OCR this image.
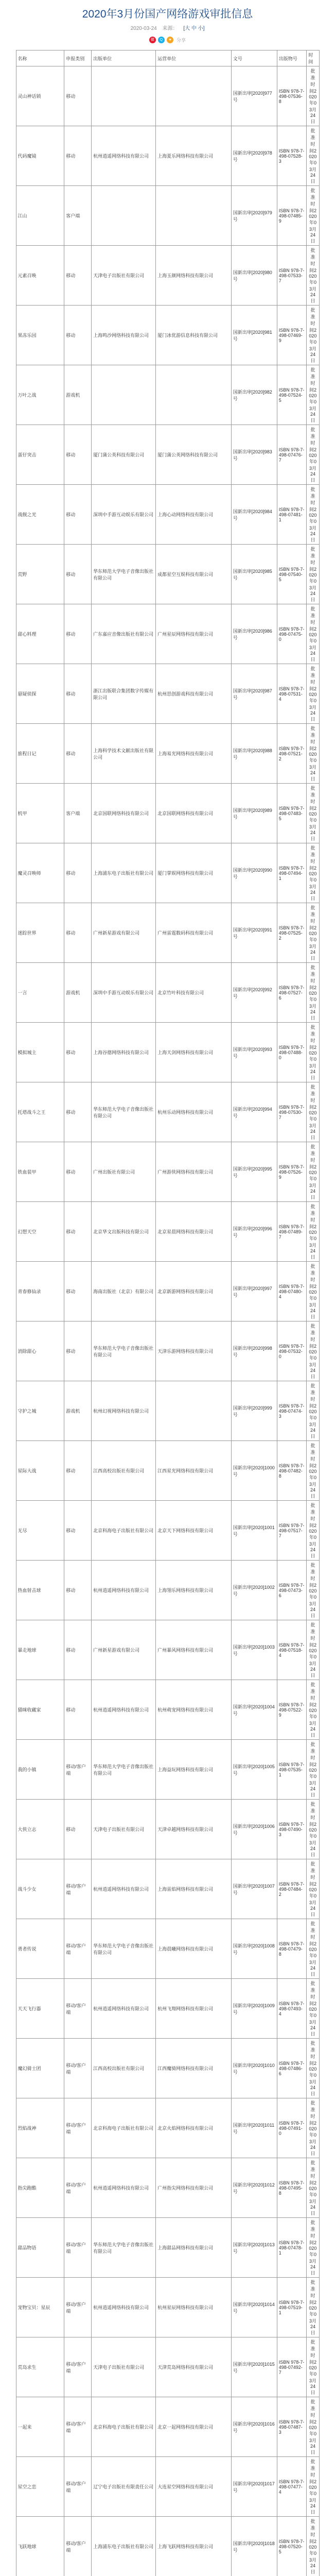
2020年3月份国产网络游戏审批信息
2020-03-24 来源： [大 中 小]
微	Q	★	分享
名称	申报类别	出版单位	运营单位	文号	出版物号	时间
灵山神话锁	移动			国新出审[2020]977号	ISBN 978-7-498-07536-8	批准时间2020年03月24日
代码魔镜	移动	杭州逍遥网络科技有限公司	上海夏乐网络科技有限公司	国新出审[2020]978号	ISBN 978-7-498-07528-3	批准时间2020年03月24日
江山	客户端			国新出审[2020]979号	ISBN 978-7-498-07485-9	批准时间2020年03月24日
元素召唤	移动	天津电子出版社有限公司	上海玉颜网络科技有限公司	国新出审[2020]980号	ISBN 978-7-498-07533-7	批准时间2020年03月24日
果冻乐园	移动	上海鸣沙网络科技有限公司	厦门冰优游信息科技有限公司	国新出审[2020]981号	ISBN 978-7-498-07469-9	批准时间2020年03月24日
万叶之战	游戏机			国新出审[2020]982号	ISBN 978-7-498-07524-5	批准时间2020年03月24日
蛋仔突击	移动	厦门蒲公英科技有限公司	厦门蒲公英网络科技有限公司	国新出审[2020]983号	ISBN 978-7-498-07476-7	批准时间2020年03月24日
战舰之光	移动	深圳中手游互动娱乐有限公司	上海心动网络科技有限公司	国新出审[2020]984号	ISBN 978-7-498-07481-1	批准时间2020年03月24日
荒野	移动	华东师范大学电子音像出版社有限公司	成都星空互娱科技有限公司	国新出审[2020]985号	ISBN 978-7-498-07540-5	批准时间2020年03月24日
甜心料理	移动	广东嘉应音像出版社有限公司	广州星辰网络科技有限公司	国新出审[2020]986号	ISBN 978-7-498-07475-0	批准时间2020年03月24日
悬疑侦探	移动	浙江出版联合集团数字传媒有限公司	杭州思创游戏科技有限公司	国新出审[2020]987号	ISBN 978-7-498-07531-4	批准时间2020年03月24日
旅程日记	移动	上海科学技术文献出版社有限公司	上海易光网络科技有限公司	国新出审[2020]988号	ISBN 978-7-498-07521-2	批准时间2020年03月24日
机甲	客户端	北京国联网络科技有限公司	北京国联网络科技有限公司	国新出审[2020]989号	ISBN 978-7-498-07483-5	批准时间2020年03月24日
魔灵召唤师	移动	上海浦东电子出版社有限公司	厦门掌娱网络科技有限公司	国新出审[2020]990号	ISBN 978-7-498-07494-1	批准时间2020年03月24日
迷踪世界	移动	广州新星游戏有限公司	广州雷霆数码科技有限公司	国新出审[2020]991号	ISBN 978-7-498-07525-2	批准时间2020年03月24日
一言	游戏机	深圳中手游互动娱乐有限公司	北京竹叶科技有限公司	国新出审[2020]992号	ISBN 978-7-498-07527-6	批准时间2020年03月24日
模拟城主	移动	上海谷德网络科技有限公司	上海天剑网络科技有限公司	国新出审[2020]993号	ISBN 978-7-498-07488-0	批准时间2020年03月24日
托塔战斗之王	移动	华东师范大学电子音像出版社有限公司	杭州乐动网络科技有限公司	国新出审[2020]994号	ISBN 978-7-498-07530-7	批准时间2020年03月24日
铁血装甲	移动	广州出版社有限公司	广州游侠网络科技有限公司	国新出审[2020]995号	ISBN 978-7-498-07526-9	批准时间2020年03月24日
幻想天空	移动	北京华文出版科技有限公司	北京星晨网络科技有限公司	国新出审[2020]996号	ISBN 978-7-498-07489-7	批准时间2020年03月24日
青春修仙录	移动	海南出版社（北京）有限公司	北京新游网络科技有限公司	国新出审[2020]997号	ISBN 978-7-498-07480-4	批准时间2020年03月24日
消除甜心	移动	华东师范大学电子音像出版社有限公司	天津乐游网络科技有限公司	国新出审[2020]998号	ISBN 978-7-498-07532-0	批准时间2020年03月24日
守护之城	游戏机	杭州幻视网络科技有限公司		国新出审[2020]999号	ISBN 978-7-498-07474-3	批准时间2020年03月24日
星际大战	移动	江西高校出版社有限公司	江西星光网络科技有限公司	国新出审[2020]1000号	ISBN 978-7-498-07482-8	批准时间2020年03月24日
无尽	移动	北京科海电子出版社有限公司	北京天下网络科技有限公司	国新出审[2020]1001号	ISBN 978-7-498-07517-7	批准时间2020年03月24日
热血射击球	移动	杭州逍遥网络科技有限公司	上海翎乐网络科技有限公司	国新出审[2020]1002号	ISBN 978-7-498-07473-6	批准时间2020年03月24日
暴走地球	移动	广州新星游戏有限公司	广州暴风网络科技有限公司	国新出审[2020]1003号	ISBN 978-7-498-07518-4	批准时间2020年03月24日
猫咪收藏家	移动	杭州逍遥网络科技有限公司	杭州萌宠网络科技有限公司	国新出审[2020]1004号	ISBN 978-7-498-07522-9	批准时间2020年03月24日
我的小镇	移动/客户端	华东师范大学电子音像出版社有限公司	上海益玩网络科技有限公司	国新出审[2020]1005号	ISBN 978-7-498-07535-1	批准时间2020年03月24日
大侠立志	移动	天津电子出版社有限公司	天津卓越网络科技有限公司	国新出审[2020]1006号	ISBN 978-7-498-07490-3	批准时间2020年03月24日
战斗少女	移动/客户端	杭州逍遥网络科技有限公司	上海雷焰网络科技有限公司	国新出审[2020]1007号	ISBN 978-7-498-07484-2	批准时间2020年03月24日
勇者传说	移动/客户端	华东师范大学电子音像出版社有限公司	上海晨曦网络科技有限公司	国新出审[2020]1008号	ISBN 978-7-498-07479-8	批准时间2020年03月24日
天天飞行器	移动/客户端	杭州逍遥网络科技有限公司	杭州飞翔网络科技有限公司	国新出审[2020]1009号	ISBN 978-7-498-07493-4	批准时间2020年03月24日
魔幻骑士团	移动/客户端	江西高校出版社有限公司	江西魔骑网络科技有限公司	国新出审[2020]1010号	ISBN 978-7-498-07486-6	批准时间2020年03月24日
烈焰战神	移动/客户端	北京科海电子出版社有限公司	北京火焰网络科技有限公司	国新出审[2020]1011号	ISBN 978-7-498-07491-0	批准时间2020年03月24日
指尖跑酷	移动/客户端	杭州逍遥网络科技有限公司	广州指尖网络科技有限公司	国新出审[2020]1012号	ISBN 978-7-498-07495-8	批准时间2020年03月24日
甜品物语	移动/客户端	华东师范大学电子音像出版社有限公司	上海甜品网络科技有限公司	国新出审[2020]1013号	ISBN 978-7-498-07478-1	批准时间2020年03月24日
宠物宝贝：星辰	移动/客户端	杭州逍遥网络科技有限公司	杭州星辰网络科技有限公司	国新出审[2020]1014号	ISBN 978-7-498-07519-1	批准时间2020年03月24日
荒岛求生	移动/客户端	天津电子出版社有限公司	天津荒岛网络科技有限公司	国新出审[2020]1015号	ISBN 978-7-498-07492-7	批准时间2020年03月24日
一起来	移动/客户端	北京科海电子出版社有限公司	北京一起网络科技有限公司	国新出审[2020]1016号	ISBN 978-7-498-07487-3	批准时间2020年03月24日
星空之恋	移动/客户端	辽宁电子出版社有限责任公司	大连星空网络科技有限公司	国新出审[2020]1017号	ISBN 978-7-498-07477-4	批准时间2020年03月24日
飞跃地球	移动/客户端	上海浦东电子出版社有限公司	上海飞跃网络科技有限公司	国新出审[2020]1018号	ISBN 978-7-498-07520-5	批准时间2020年03月24日
